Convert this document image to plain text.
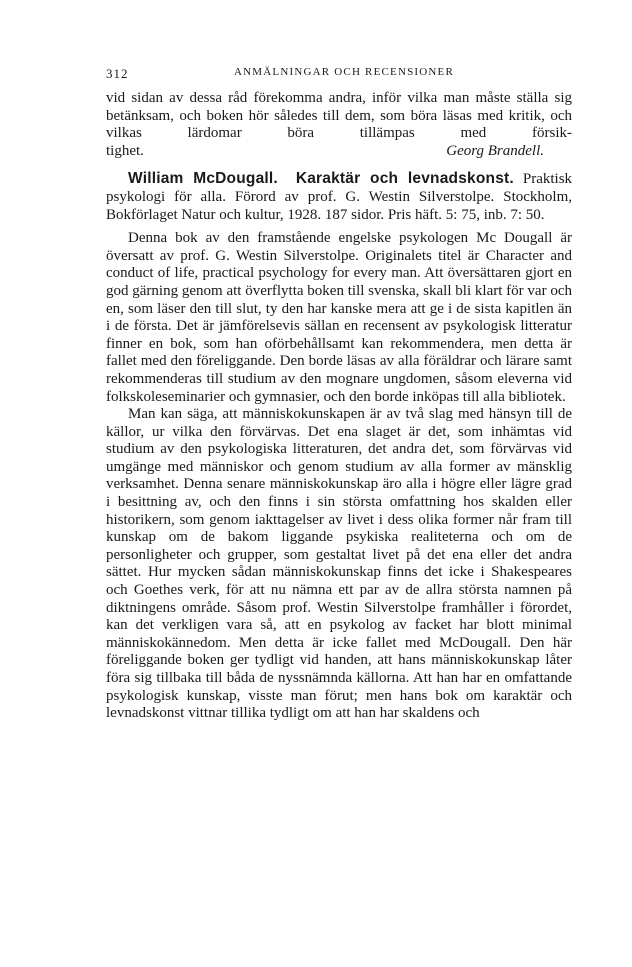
312	ANMÄLNINGAR OCH RECENSIONER

vid sidan av dessa råd förekomma andra, inför vilka man måste ställa sig betänksam, och boken hör således till dem, som böra läsas med kritik, och vilkas lärdomar böra tillämpas med försik-

tighet.	Georg Brandell.

William McDougall. Karaktär och levnadskonst. Praktisk psykologi för alla. Förord av prof. G. Westin Silverstolpe. Stockholm, Bokförlaget Natur och kultur, 1928. 187 sidor. Pris häft. 5: 75, inb. 7: 50.

Denna bok av den framstående engelske psykologen Mc Dougall är översatt av prof. G. Westin Silverstolpe. Originalets titel är Character and conduct of life, practical psychology for every man. Att översättaren gjort en god gärning genom att överflytta boken till svenska, skall bli klart för var och en, som läser den till slut, ty den har kanske mera att ge i de sista kapitlen än i de första. Det är jämförelsevis sällan en recensent av psykologisk litteratur finner en bok, som han oförbehållsamt kan rekommendera, men detta är fallet med den föreliggande. Den borde läsas av alla föräldrar och lärare samt rekommenderas till studium av den mognare ungdomen, såsom eleverna vid folkskoleseminarier och gymnasier, och den borde inköpas till alla bibliotek.

Man kan säga, att människokunskapen är av två slag med hänsyn till de källor, ur vilka den förvärvas. Det ena slaget är det, som inhämtas vid studium av den psykologiska litteraturen, det andra det, som förvärvas vid umgänge med människor och genom studium av alla former av mänsklig verksamhet. Denna senare människokunskap äro alla i högre eller lägre grad i besittning av, och den finns i sin största omfattning hos skalden eller historikern, som genom iakttagelser av livet i dess olika former når fram till kunskap om de bakom liggande psykiska realiteterna och om de personligheter och grupper, som gestaltat livet på det ena eller det andra sättet. Hur mycken sådan människokunskap finns det icke i Shakespeares och Goethes verk, för att nu nämna ett par av de allra största namnen på diktningens område. Såsom prof. Westin Silverstolpe framhåller i förordet, kan det verkligen vara så, att en psykolog av facket har blott minimal människokännedom. Men detta är icke fallet med McDougall. Den här föreliggande boken ger tydligt vid handen, att hans människokunskap låter föra sig tillbaka till båda de nyssnämnda källorna. Att han har en omfattande psykologisk kunskap, visste man förut; men hans bok om karaktär och levnadskonst vittnar tillika tydligt om att han har skaldens och
